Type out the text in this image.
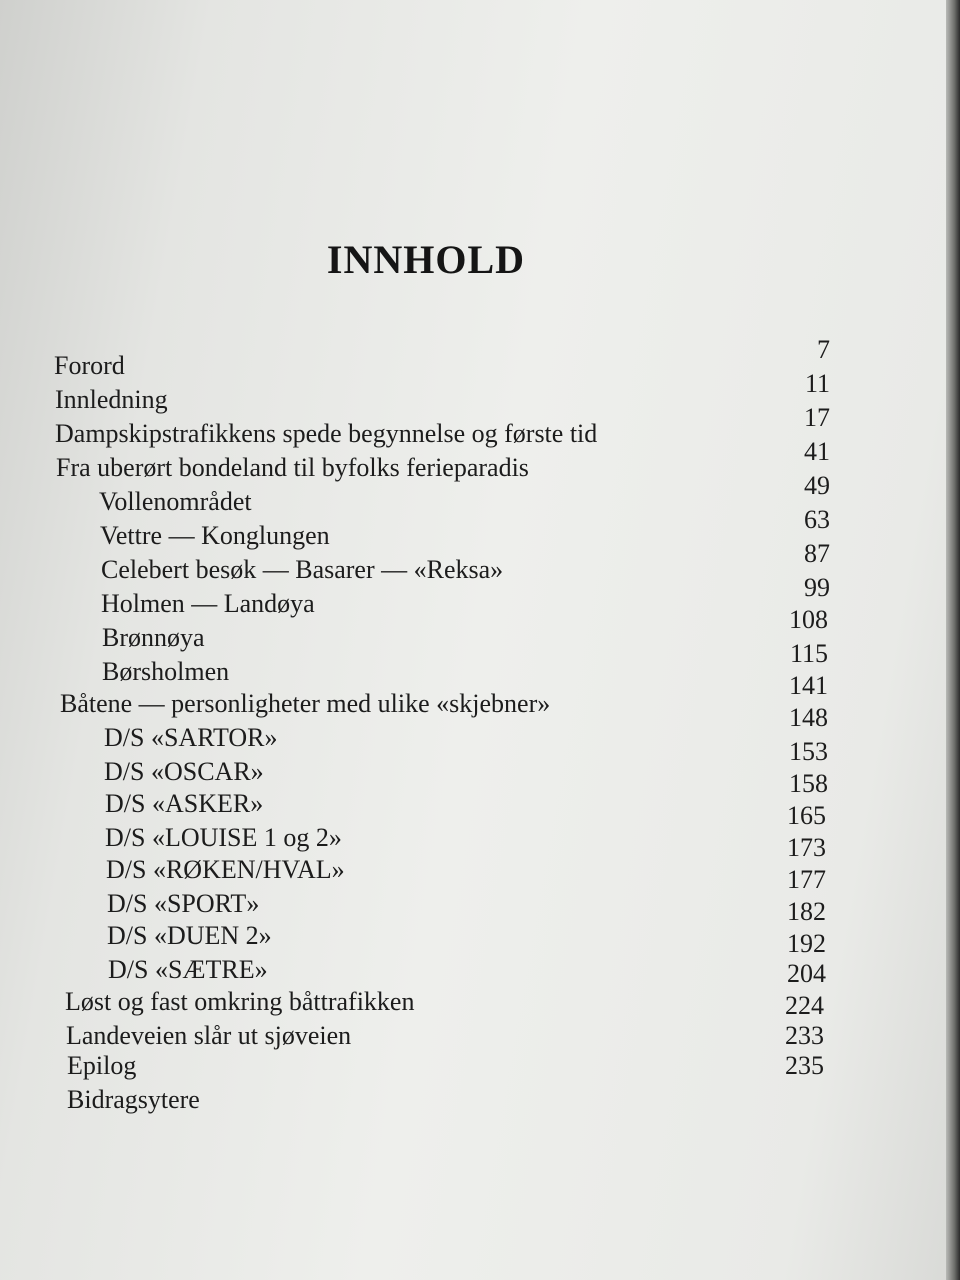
INNHOLD
Forord
7
Innledning
11
Dampskipstrafikkens spede begynnelse og første tid
17
Fra uberørt bondeland til byfolks ferieparadis
41
Vollenområdet
49
Vettre — Konglungen
63
Celebert besøk — Basarer — «Reksa»
87
Holmen — Landøya
99
Brønnøya
108
Børsholmen
115
Båtene — personligheter med ulike «skjebner»
141
D/S «SARTOR»
148
D/S «OSCAR»
153
D/S «ASKER»
158
D/S «LOUISE 1 og 2»
165
D/S «RØKEN/HVAL»
173
D/S «SPORT»
177
D/S «DUEN 2»
182
D/S «SÆTRE»
192
Løst og fast omkring båttrafikken
204
Landeveien slår ut sjøveien
224
Epilog
233
Bidragsytere
235
